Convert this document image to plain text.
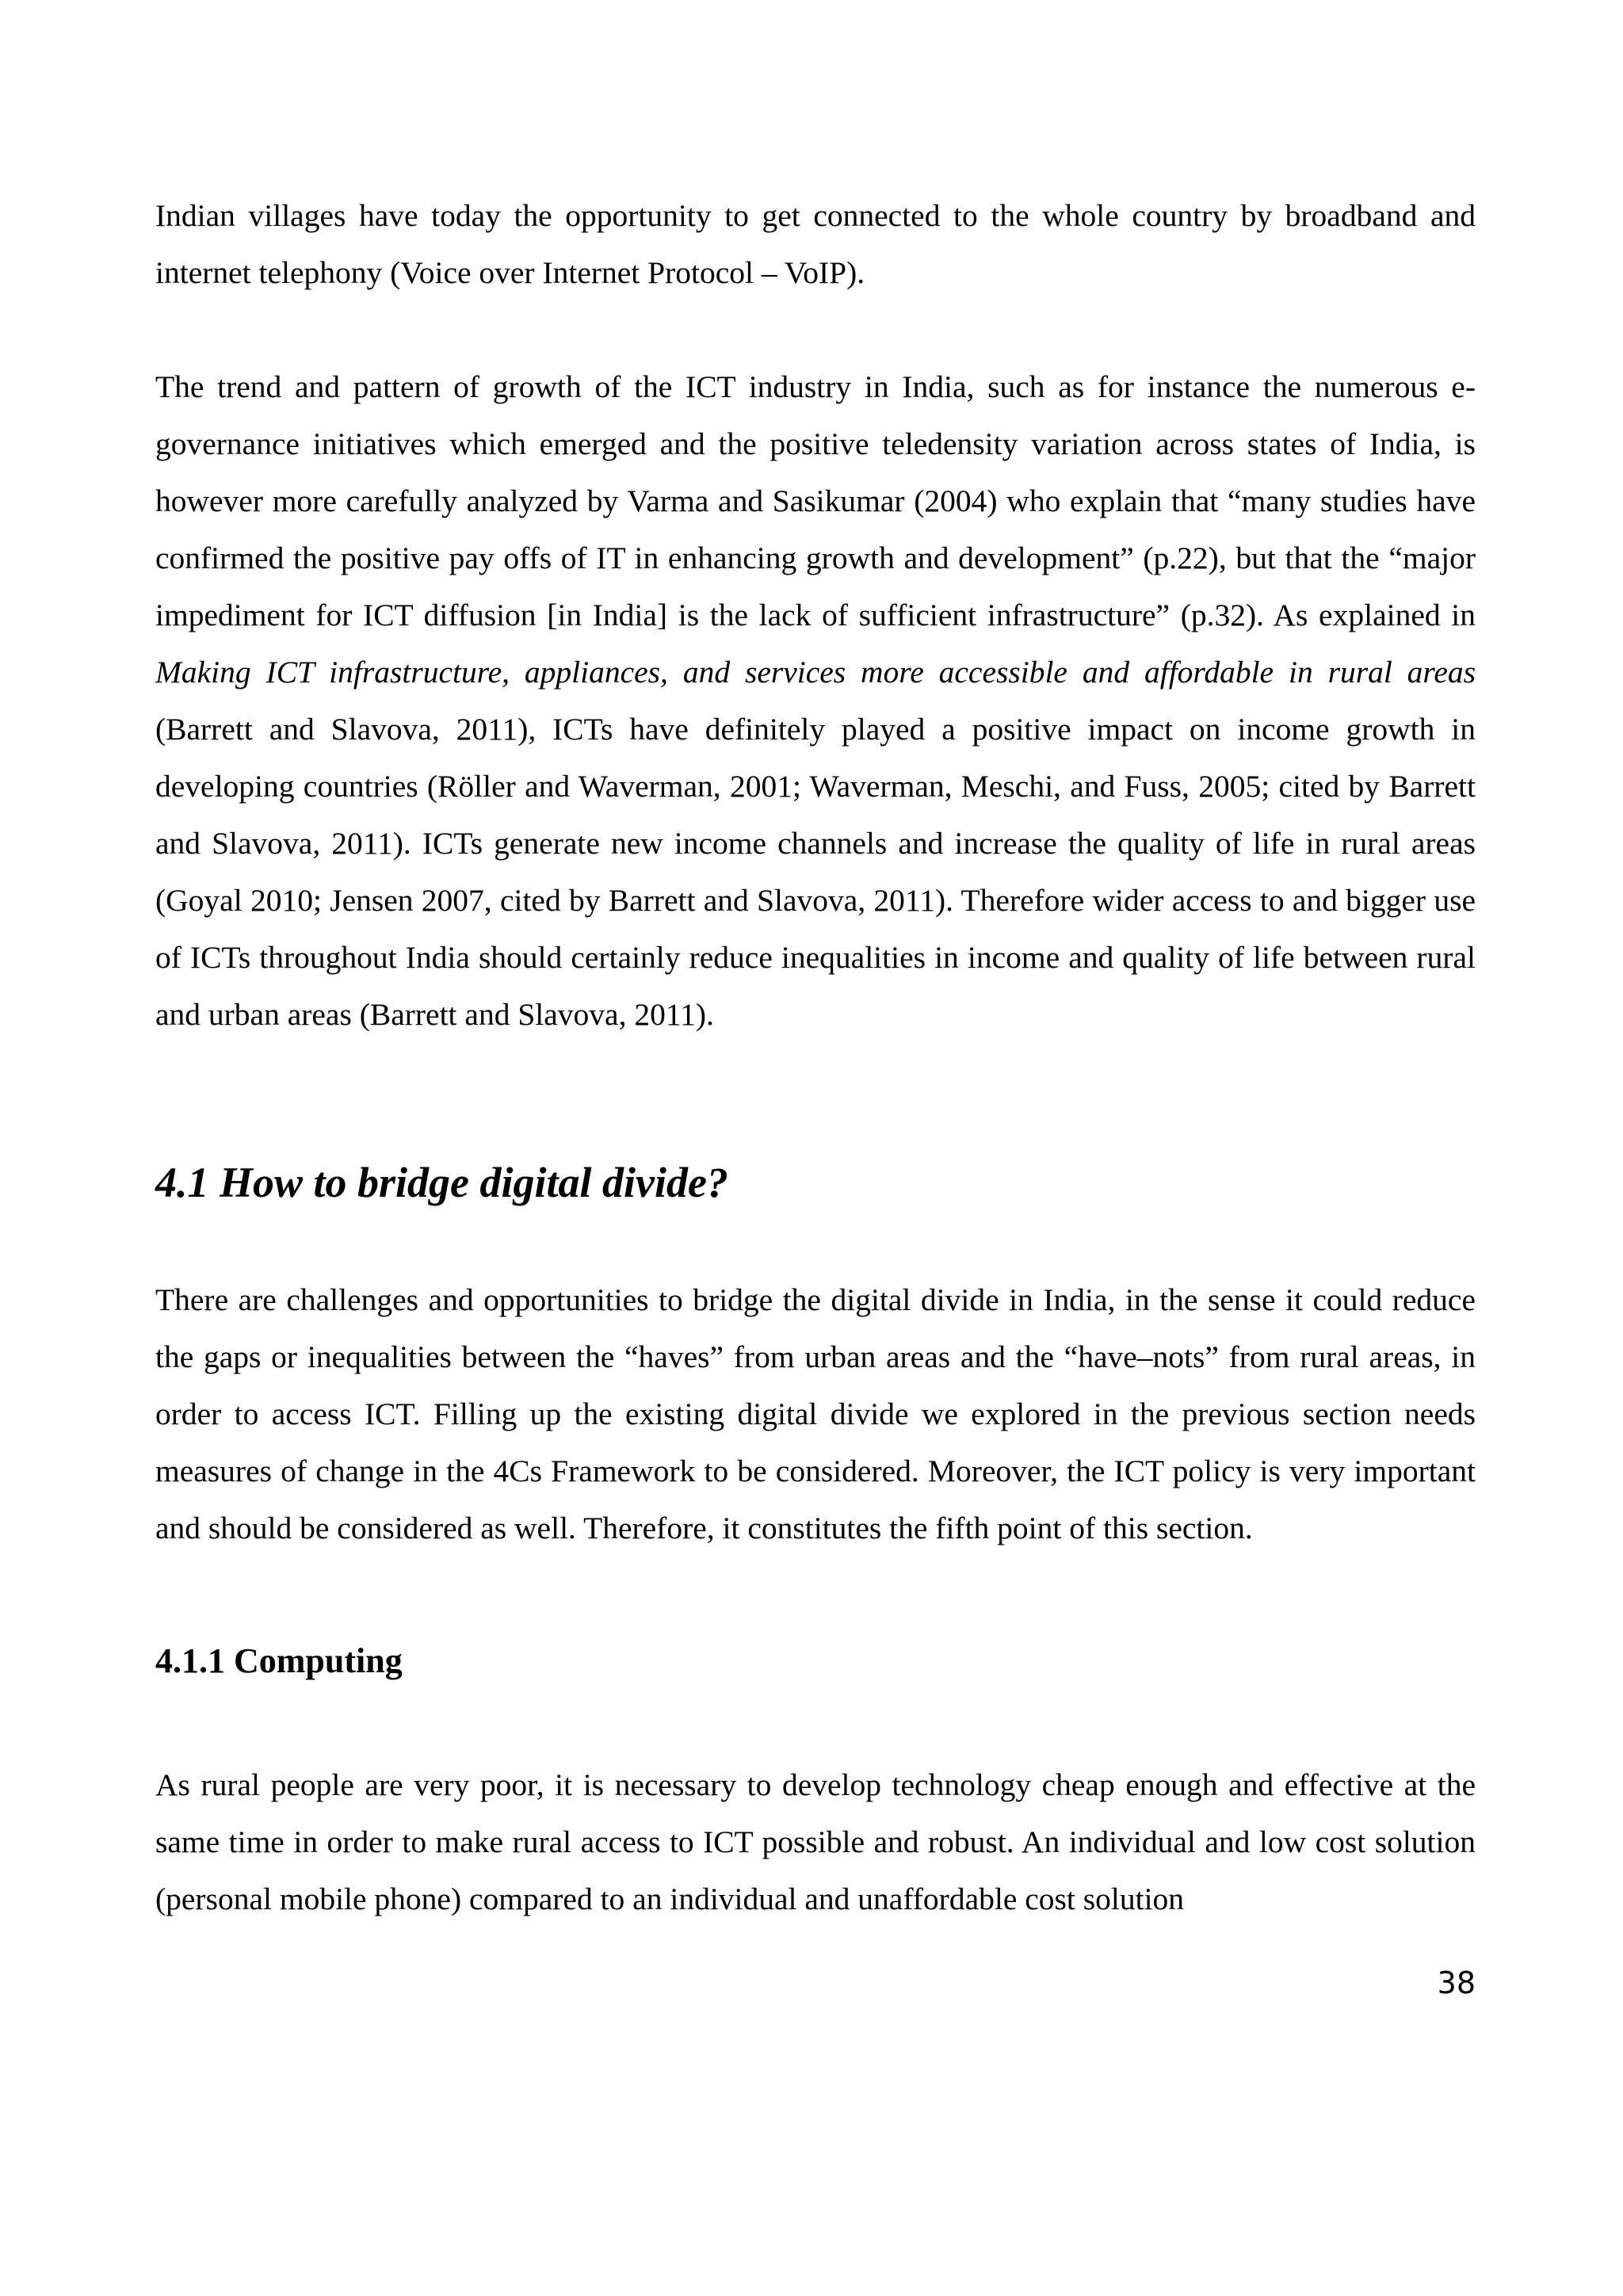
Indian villages have today the opportunity to get connected to the whole country by broadband and internet telephony (Voice over Internet Protocol – VoIP).

The trend and pattern of growth of the ICT industry in India, such as for instance the numerous e-governance initiatives which emerged and the positive teledensity variation across states of India, is however more carefully analyzed by Varma and Sasikumar (2004) who explain that “many studies have confirmed the positive pay offs of IT in enhancing growth and development” (p.22), but that the “major impediment for ICT diffusion [in India] is the lack of sufficient infrastructure” (p.32). As explained in Making ICT infrastructure, appliances, and services more accessible and affordable in rural areas (Barrett and Slavova, 2011), ICTs have definitely played a positive impact on income growth in developing countries (Röller and Waverman, 2001; Waverman, Meschi, and Fuss, 2005; cited by Barrett and Slavova, 2011). ICTs generate new income channels and increase the quality of life in rural areas (Goyal 2010; Jensen 2007, cited by Barrett and Slavova, 2011). Therefore wider access to and bigger use of ICTs throughout India should certainly reduce inequalities in income and quality of life between rural and urban areas (Barrett and Slavova, 2011).

4.1 How to bridge digital divide?

There are challenges and opportunities to bridge the digital divide in India, in the sense it could reduce the gaps or inequalities between the “haves” from urban areas and the “have–nots” from rural areas, in order to access ICT. Filling up the existing digital divide we explored in the previous section needs measures of change in the 4Cs Framework to be considered. Moreover, the ICT policy is very important and should be considered as well. Therefore, it constitutes the fifth point of this section.

4.1.1 Computing

As rural people are very poor, it is necessary to develop technology cheap enough and effective at the same time in order to make rural access to ICT possible and robust. An individual and low cost solution (personal mobile phone) compared to an individual and unaffordable cost solution

38
